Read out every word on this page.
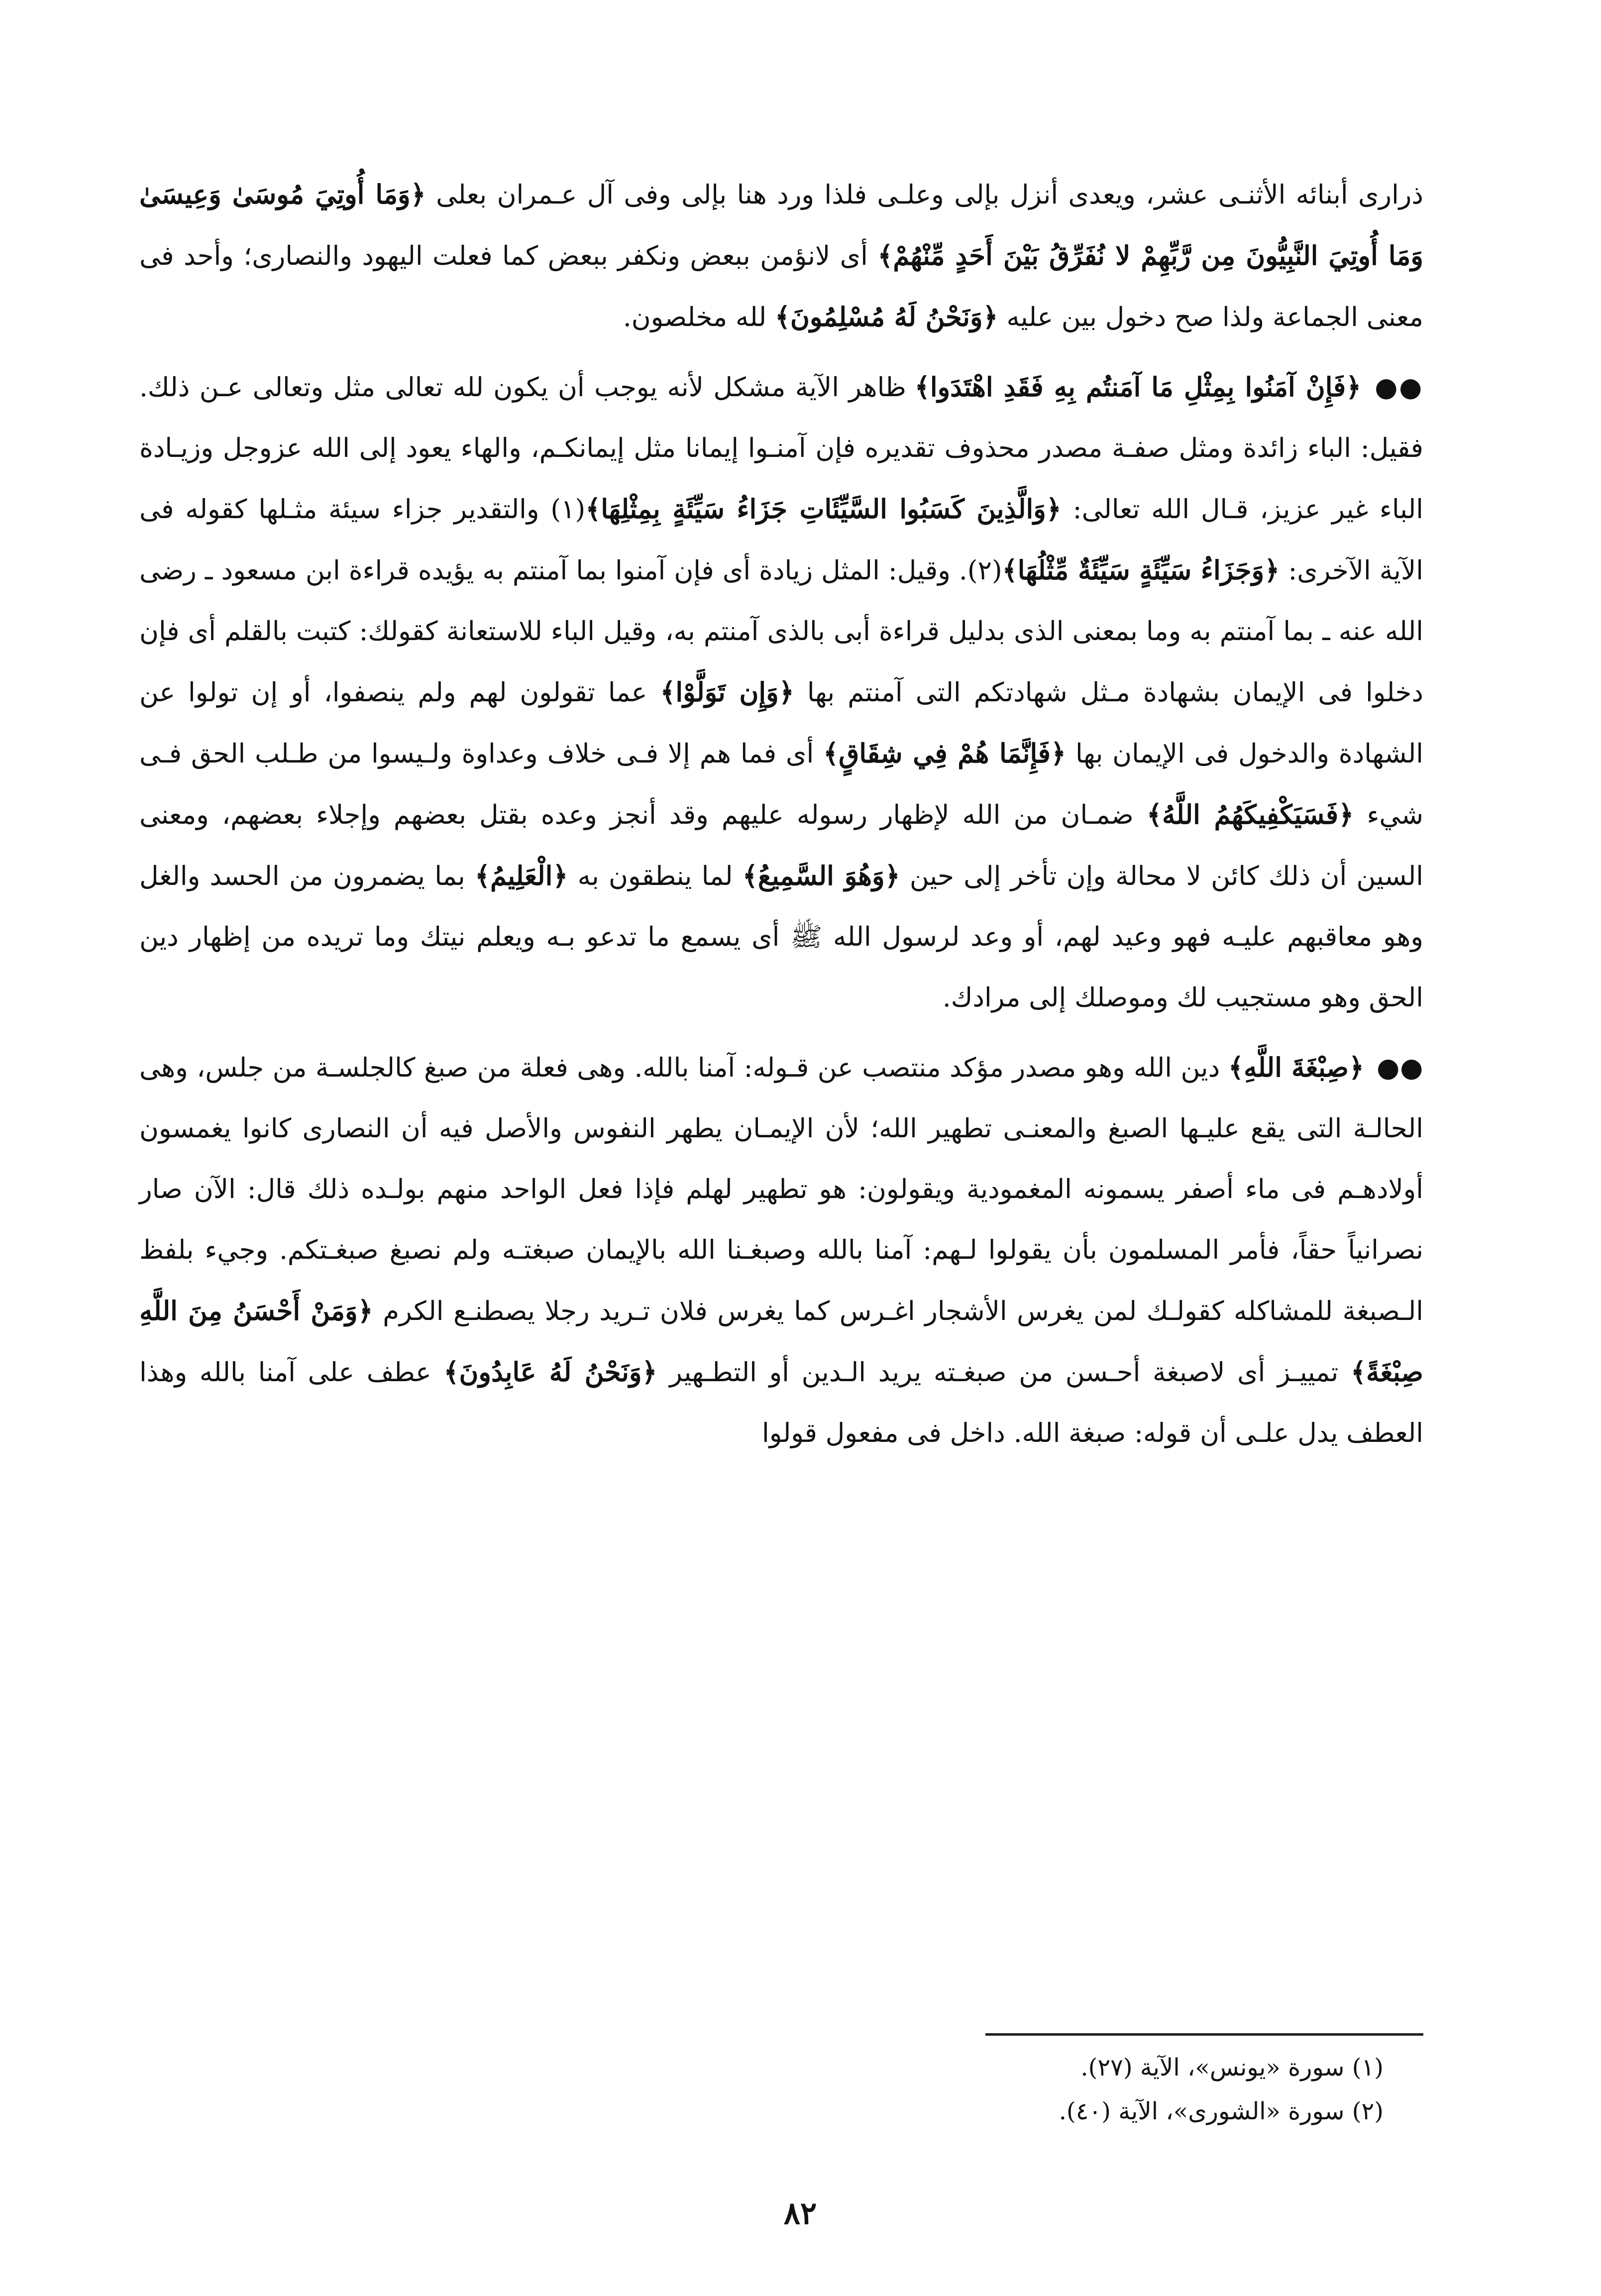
ذرارى أبنائه الأثنـى عشر، ويعدى أنزل بإلى وعلـى فلذا ورد هنا بإلى وفى آل عـمران بعلى ﴿وَمَا أُوتِيَ مُوسَىٰ وَعِيسَىٰ وَمَا أُوتِيَ النَّبِيُّونَ مِن رَّبِّهِمْ لا نُفَرِّقُ بَيْنَ أَحَدٍ مِّنْهُمْ﴾ أى لانؤمن ببعض ونكفر ببعض كما فعلت اليهود والنصارى؛ وأحد فى معنى الجماعة ولذا صح دخول بين عليه ﴿وَنَحْنُ لَهُ مُسْلِمُونَ﴾ لله مخلصون.

●● ﴿فَإِنْ آمَنُوا بِمِثْلِ مَا آمَنتُم بِهِ فَقَدِ اهْتَدَوا﴾ ظاهر الآية مشكل لأنه يوجب أن يكون لله تعالى مثل وتعالى عـن ذلك. فقيل: الباء زائدة ومثل صفـة مصدر محذوف تقديره فإن آمنـوا إيمانا مثل إيمانكـم، والهاء يعود إلى الله عزوجل وزيـادة الباء غير عزيز، قـال الله تعالى: ﴿وَالَّذِينَ كَسَبُوا السَّيِّئَاتِ جَزَاءُ سَيِّئَةٍ بِمِثْلِهَا﴾(١) والتقدير جزاء سيئة مثـلها كقوله فى الآية الآخرى: ﴿وَجَزَاءُ سَيِّئَةٍ سَيِّئَةٌ مِّثْلُهَا﴾(٢). وقيل: المثل زيادة أى فإن آمنوا بما آمنتم به يؤيده قراءة ابن مسعود ـ رضى الله عنه ـ بما آمنتم به وما بمعنى الذى بدليل قراءة أبى بالذى آمنتم به، وقيل الباء للاستعانة كقولك: كتبت بالقلم أى فإن دخلوا فى الإيمان بشهادة مـثل شهادتكم التى آمنتم بها ﴿وَإِن تَوَلَّوْا﴾ عما تقولون لهم ولم ينصفوا، أو إن تولوا عن الشهادة والدخول فى الإيمان بها ﴿فَإِنَّمَا هُمْ فِي شِقَاقٍ﴾ أى فما هم إلا فـى خلاف وعداوة ولـيسوا من طـلب الحق فـى شيء ﴿فَسَيَكْفِيكَهُمُ اللَّهُ﴾ ضمـان من الله لإظهار رسوله عليهم وقد أنجز وعده بقتل بعضهم وإجلاء بعضهم، ومعنى السين أن ذلك كائن لا محالة وإن تأخر إلى حين ﴿وَهُوَ السَّمِيعُ﴾ لما ينطقون به ﴿الْعَلِيمُ﴾ بما يضمرون من الحسد والغل وهو معاقبهم عليـه فهو وعيد لهم، أو وعد لرسول الله ﷺ أى يسمع ما تدعو بـه ويعلم نيتك وما تريده من إظهار دين الحق وهو مستجيب لك وموصلك إلى مرادك.

●● ﴿صِبْغَةَ اللَّهِ﴾ دين الله وهو مصدر مؤكد منتصب عن قـوله: آمنا بالله. وهى فعلة من صبغ كالجلسـة من جلس، وهى الحالـة التى يقع عليـها الصبغ والمعنـى تطهير الله؛ لأن الإيمـان يطهر النفوس والأصل فيه أن النصارى كانوا يغمسون أولادهـم فى ماء أصفر يسمونه المغمودية ويقولون: هو تطهير لهلم فإذا فعل الواحد منهم بولـده ذلك قال: الآن صار نصرانياً حقاً، فأمر المسلمون بأن يقولوا لـهم: آمنا بالله وصبغـنا الله بالإيمان صبغتـه ولم نصبغ صبغـتكم. وجيء بلفظ الـصبغة للمشاكله كقولـك لمن يغرس الأشجار اغـرس كما يغرس فلان تـريد رجلا يصطنـع الكرم ﴿وَمَنْ أَحْسَنُ مِنَ اللَّهِ صِبْغَةً﴾ تمييـز أى لاصبغة أحـسن من صبغـته يريد الـدين أو التطـهير ﴿وَنَحْنُ لَهُ عَابِدُونَ﴾ عطف على آمنا بالله وهذا العطف يدل علـى أن قوله: صبغة الله. داخل فى مفعول قولوا

(١) سورة «يونس»، الآية (٢٧).

(٢) سورة «الشورى»، الآية (٤٠).

٨٢
